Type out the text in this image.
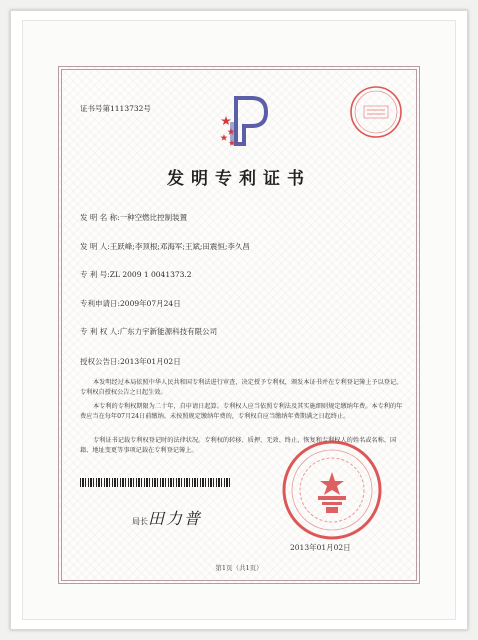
证书号第1113732号
发明专利证书
发 明 名 称:一种空燃比控制装置
发 明 人:王跃峰;李顶根;邓海军;王斌;田震恒;李久昌
专 利 号:ZL 2009 1 0041373.2
专利申请日:2009年07月24日
专 利 权 人:广东力宇新能源科技有限公司
授权公告日:2013年01月02日
本发明经过本局依照中华人民共和国专利法进行审查，决定授予专利权，颁发本证书并在专利登记簿上予以登记。专利权自授权公告之日起生效。
本专利的专利权期限为二十年，自申请日起算。专利权人应当依照专利法及其实施细则规定缴纳年费。本专利的年费应当在每年07月24日前缴纳。未按照规定缴纳年费的，专利权自应当缴纳年费期满之日起终止。
专利证书记载专利权登记时的法律状况。专利权的转移、质押、无效、终止、恢复和专利权人的姓名或名称、国籍、地址变更等事项记载在专利登记簿上。
局长 田力普
2013年01月02日
第1页（共1页）
